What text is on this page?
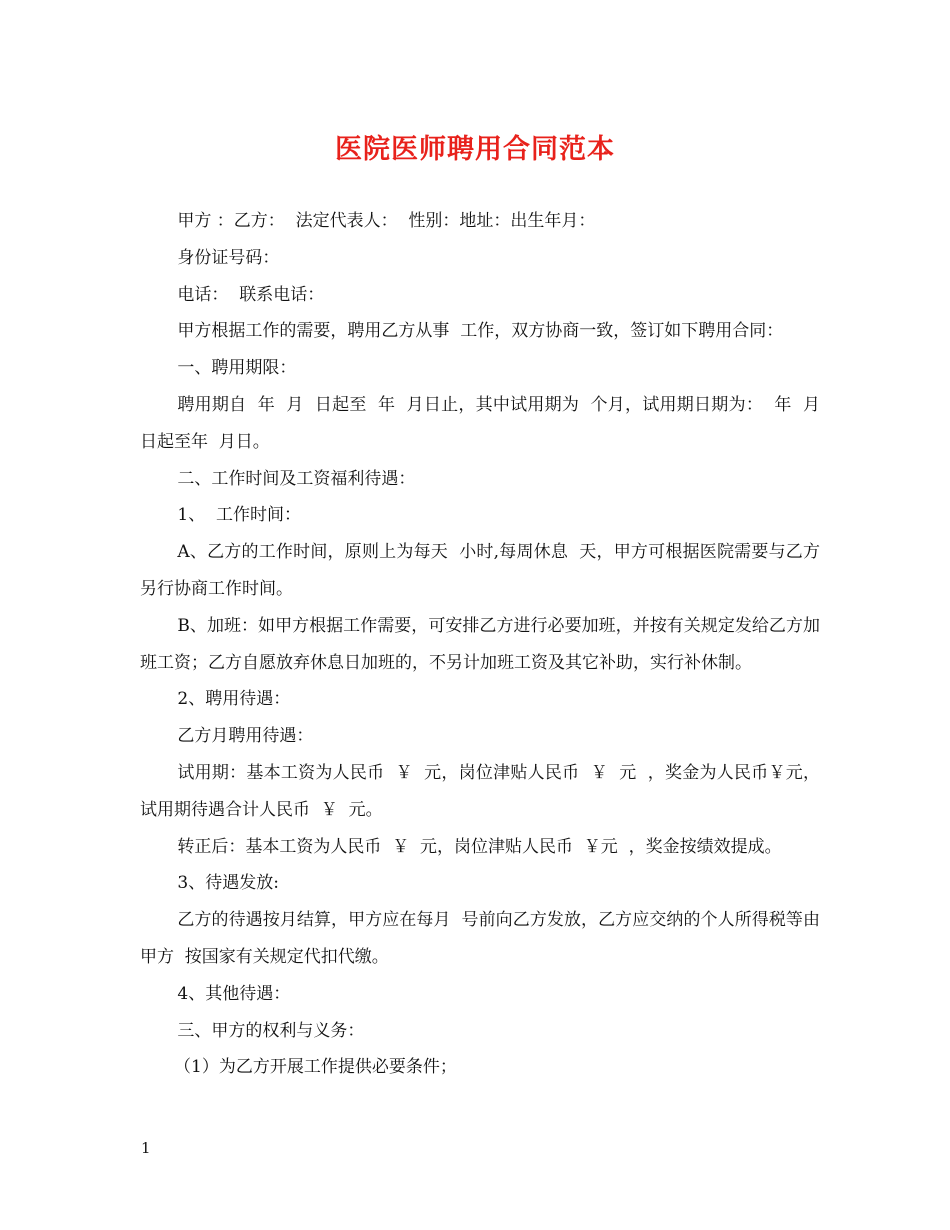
医院医师聘用合同范本

甲方 ：乙方：  法定代表人：  性别：地址：出生年月：

身份证号码：

电话：  联系电话：

甲方根据工作的需要，聘用乙方从事  工作，双方协商一致，签订如下聘用合同：

一、聘用期限：

聘用期自  年  月  日起至  年  月日止，其中试用期为  个月，试用期日期为：  年  月  日起至年  月日。

二、工作时间及工资福利待遇：

1、  工作时间：

A、乙方的工作时间，原则上为每天  小时,每周休息  天，甲方可根据医院需要与乙方  另行协商工作时间。

B、加班：如甲方根据工作需要，可安排乙方进行必要加班，并按有关规定发给乙方加班工资；乙方自愿放弃休息日加班的，不另计加班工资及其它补助，实行补休制。

2、聘用待遇：

乙方月聘用待遇：

试用期：基本工资为人民币  ￥  元，岗位津贴人民币  ￥  元  ，奖金为人民币￥元，试用期待遇合计人民币  ￥  元。

转正后：基本工资为人民币  ￥  元，岗位津贴人民币  ￥元  ，奖金按绩效提成。

3、待遇发放:

乙方的待遇按月结算，甲方应在每月  号前向乙方发放，乙方应交纳的个人所得税等由甲方  按国家有关规定代扣代缴。

4、其他待遇：

三、甲方的权利与义务：

（1）为乙方开展工作提供必要条件；

1
